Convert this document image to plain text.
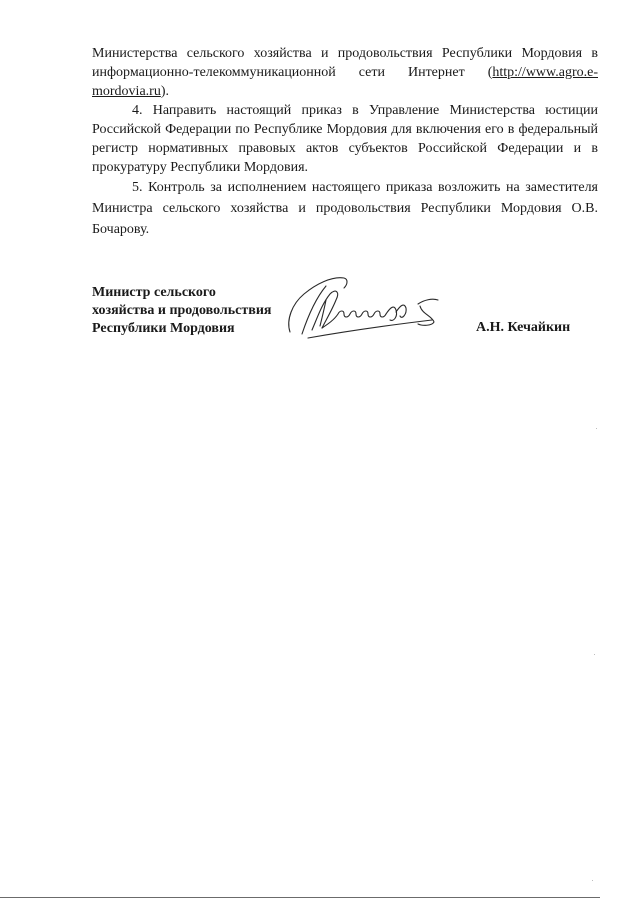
Министерства сельского хозяйства и продовольствия Республики Мордовия в информационно-телекоммуникационной сети Интернет (http://www.agro.e-mordovia.ru).

4. Направить настоящий приказ в Управление Министерства юстиции Российской Федерации по Республике Мордовия для включения его в федеральный регистр нормативных правовых актов субъектов Российской Федерации и в прокуратуру Республики Мордовия.

5. Контроль за исполнением настоящего приказа возложить на заместителя Министра сельского хозяйства и продовольствия Республики Мордовия О.В. Бочарову.

Министр сельского
хозяйства и продовольствия
Республики Мордовия	А.Н. Кечайкин
